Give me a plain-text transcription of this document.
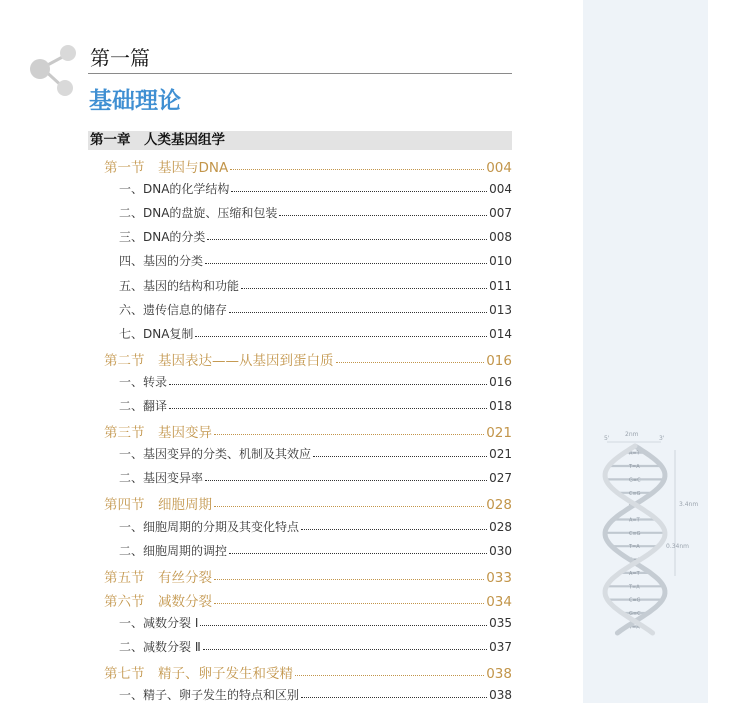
第一篇
基础理论
第一章　人类基因组学
第一节　基因与DNA	004
一、DNA的化学结构	004
二、DNA的盘旋、压缩和包装	007
三、DNA的分类	008
四、基因的分类	010
五、基因的结构和功能	011
六、遗传信息的储存	013
七、DNA复制	014
第二节　基因表达——从基因到蛋白质	016
一、转录	016
二、翻译	018
第三节　基因变异	021
一、基因变异的分类、机制及其效应	021
二、基因变异率	027
第四节　细胞周期	028
一、细胞周期的分期及其变化特点	028
二、细胞周期的调控	030
第五节　有丝分裂	033
第六节　减数分裂	034
一、减数分裂 Ⅰ	035
二、减数分裂 Ⅱ	037
第七节　精子、卵子发生和受精	038
一、精子、卵子发生的特点和区别	038
5'	3'
2nm
3.4nm
0.34nm
A=T
T=A
G≡C
C≡G
T=A
A=T
C≡G
T=A
G≡C
A=T
T=A
C≡G
G≡C
T=A
